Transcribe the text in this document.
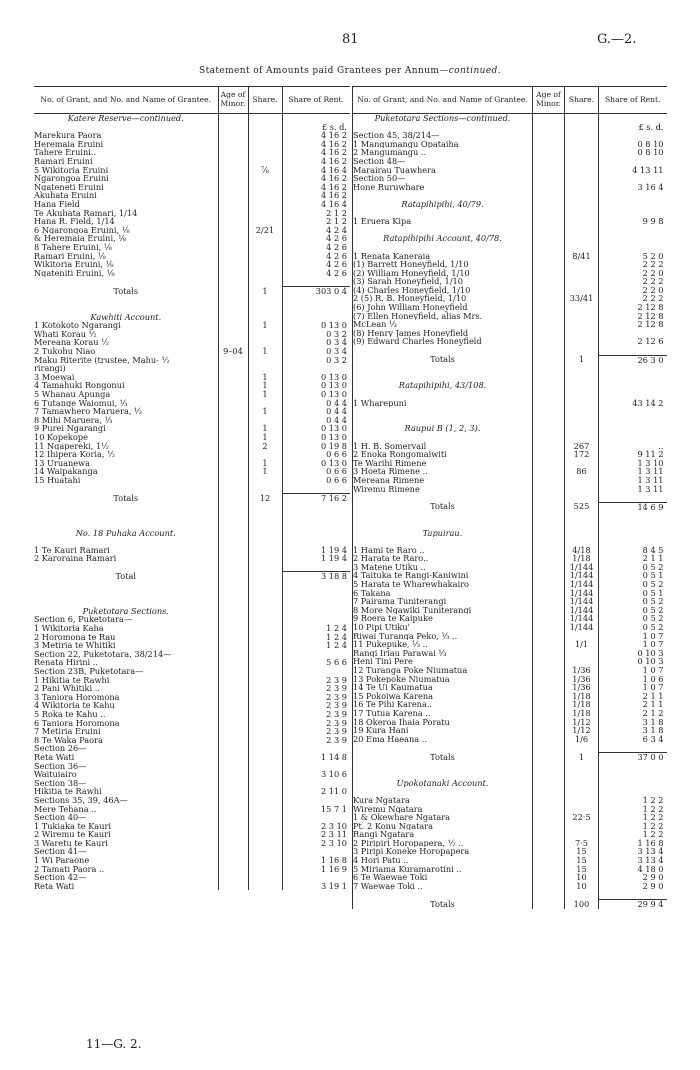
81	G.—2.
Statement of Amounts paid Grantees per Annum—continued.
No. of Grant, and No. and Name of Grantee.	Age of Minor.	Share.	Share of Rent.
Katere Reserve—continued.			
			£ s. d.
Marekura Paora			4 16 2
Heremaia Eruini			4 16 2
Tahere Eruini..			4 16 2
Ramari Eruini			4 16 2
5 Wikitoria Eruini		⅞	4 16 4
Ngarongoa Eruini			4 16 2
Ngateneti Eruini			4 16 2
Akuhata Eruini			4 16 2
Hana Field			4 16 4
Te Akuhata Ramari, 1/14			2 1 2
Hana R. Field, 1/14			2 1 2
6 Ngarongoa Eruini, ⅛		2/21	4 2 4
& Heremaia Eruini, ⅛			4 2 6
8 Tahere Eruini, ⅛			4 2 6
Ramari Eruini, ⅛			4 2 6
Wikitoria Eruini, ⅛			4 2 6
Ngateniti Eruini, ⅛			4 2 6

Totals		1	303 0 4

Kawhiti Account.			
1 Kotokoto Ngarangi		1	0 13 0
Whati Korau ½			0 3 2
Mereana Korau ½			0 3 4
2 Tukohu Niao	9–04	1	0 3 4
Maku Riterite (trustee, Mahu- ½			0 3 2
rirangi)			
3 Moewai		1	0 13 0
4 Tamahuki Rongonui		1	0 13 0
5 Whanau Apunga		1	0 13 0
6 Tutange Waiomui, ⅓			0 4 4
7 Tamawhero Maruera, ⅓		1	0 4 4
8 Mihi Maruera, ⅓			0 4 4
9 Purei Ngarangi		1	0 13 0
10 Kopekope		1	0 13 0
11 Ngapereki, 1½		2	0 19 8
12 Ihipera Koria, ½			0 6 6
13 Uruanewa		1	0 13 0
14 Waipakanga		1	0 6 6
15 Huatahi			0 6 6

Totals		12	7 16 2

No. 18 Puhaka Account.			

1 Te Kauri Ramari			1 19 4
2 Karoraina Ramari			1 19 4

Total			3 18 8

Puketotara Sections.			
Section 6, Puketotara—			
1 Wikitoria Kaha			1 2 4
2 Horomona te Rau			1 2 4
3 Metiria te Whitiki			1 2 4
Section 22, Puketotara, 38/214—			
Renata Hirini ..			5 6 6
Section 23B, Puketotara—			
1 Hikitia te Rawhi			2 3 9
2 Pani Whitiki ..			2 3 9
3 Taniora Horomona			2 3 9
4 Wikitoria te Kahu			2 3 9
5 Roka te Kahu ..			2 3 9
6 Taniora Horomona			2 3 9
7 Metiria Eruini			2 3 9
8 Te Waka Paora			2 3 9
Section 26—			
Reta Wati			1 14 8
Section 36—			
Waituiairo			3 10 6
Section 38—			
Hikitia te Rawhi			2 11 0
Sections 35, 39, 46A—			
Mere Tehana ..			15 7 1
Section 40—			
1 Tukiaka te Kauri			2 3 10
2 Wiremu te Kauri			2 3 11
3 Waretu te Kauri			2 3 10
Section 41—			
1 Wi Paraone			1 16 8
2 Tamati Paora ..			1 16 9
Section 42—			
Reta Wati			3 19 1
No. of Grant, and No. and Name of Grantee.	Age of Minor.	Share.	Share of Rent.
Puketotara Sections—continued.			
			£ s. d.
Section 45, 38/214—			
1 Mangumangu Opataiha			0 8 10
2 Mangumangu ..			0 8 10
Section 48—			
Marairau Tuawhera			4 13 11
Section 50—			
Hone Ruruwhare			3 16 4

Ratapihipihi, 40/79.			

1 Eruera Kipa			9 9 8

Ratapihipihi Account, 40/78.			

1 Renata Kaneraia		8/41	5 2 0
(1) Barrett Honeyfield, 1/10			2 2 2
(2) William Honeyfield, 1/10			2 2 0
(3) Sarah Honeyfield, 1/10			2 2 2
(4) Charles Honeyfield, 1/10			2 2 0
2 (5) R. B. Honeyfield, 1/10		33/41	2 2 2
(6) John William Honeyfield			2 12 8
(7) Ellen Honeyfield, alias Mrs.			2 12 8
McLean ⅓			2 12 8
(8) Henry James Honeyfield			
(9) Edward Charles Honeyfield			2 12 6

Totals		1	26 3 0

Ratapihipihi, 43/108.			

1 Wharepuni			43 14 2

Raupui B (1, 2, 3).			

1 H. B. Somervail		267	..
2 Enoka Rongomaiwiti		172	9 11 2
Te Warihi Rimene			1 3 10
3 Hoeta Rimene ..		86	1 3 11
Mereana Rimene			1 3 11
Wiremu Rimene			1 3 11

Totals		525	14 6 9

Tapuirau.			

1 Hami te Raro ..		4/18	8 4 5
2 Harata te Raro..		1/18	2 1 1
3 Matene Utiku ..		1/144	0 5 2
4 Taituka te Rangi-Kaniwini		1/144	0 5 1
5 Harata te Wharewhakairo		1/144	0 5 2
6 Takana		1/144	0 5 1
7 Pairama Tuniterangi		1/144	0 5 2
8 More Ngawiki Tuniterangi		1/144	0 5 2
9 Roera te Kaipuke		1/144	0 5 2
10 Pipi Utiku'		1/144	0 5 2
Riwai Turanga Peko, ⅓ ..			1 0 7
11 Pukepuke, ⅓ ..		1/1	1 0 7
Rangi Iriau Parawai ⅓			0 10 3
Heni Tini Pere			0 10 3
12 Turanga Poke Niumatua		1/36	1 0 7
13 Pokepoke Niumatua		1/36	1 0 6
14 Te Ui Kaumatua		1/36	1 0 7
15 Pokoiwa Karena		1/18	2 1 1
16 Te Pihi Karena..		1/18	2 1 1
17 Tutua Karena ..		1/18	2 1 2
18 Okeroa Ihaia Poratu		1/12	3 1 8
19 Kura Hani		1/12	3 1 8
20 Ema Haeana ..		1/6	6 3 4

Totals		1	37 0 0

Upokotanaki Account.			

Kura Ngatara			1 2 2
Wiremu Ngatara			1 2 2
1 & Okewhare Ngatara		22·5	1 2 2
Pt. 2 Konu Ngatara			1 2 2
Rangi Ngatara			1 2 2
2 Piripiri Horopapera, ½ ..		7·5	1 16 8
3 Piripi Koneke Horopapera		15	3 13 4
4 Hori Patu ..		15	3 13 4
5 Miriama Kuramarotini ..		15	4 18 0
6 Te Waewae Toki		10	2 9 0
7 Waewae Toki ..		10	2 9 0

Totals		100	29 9 4
11—G. 2.
